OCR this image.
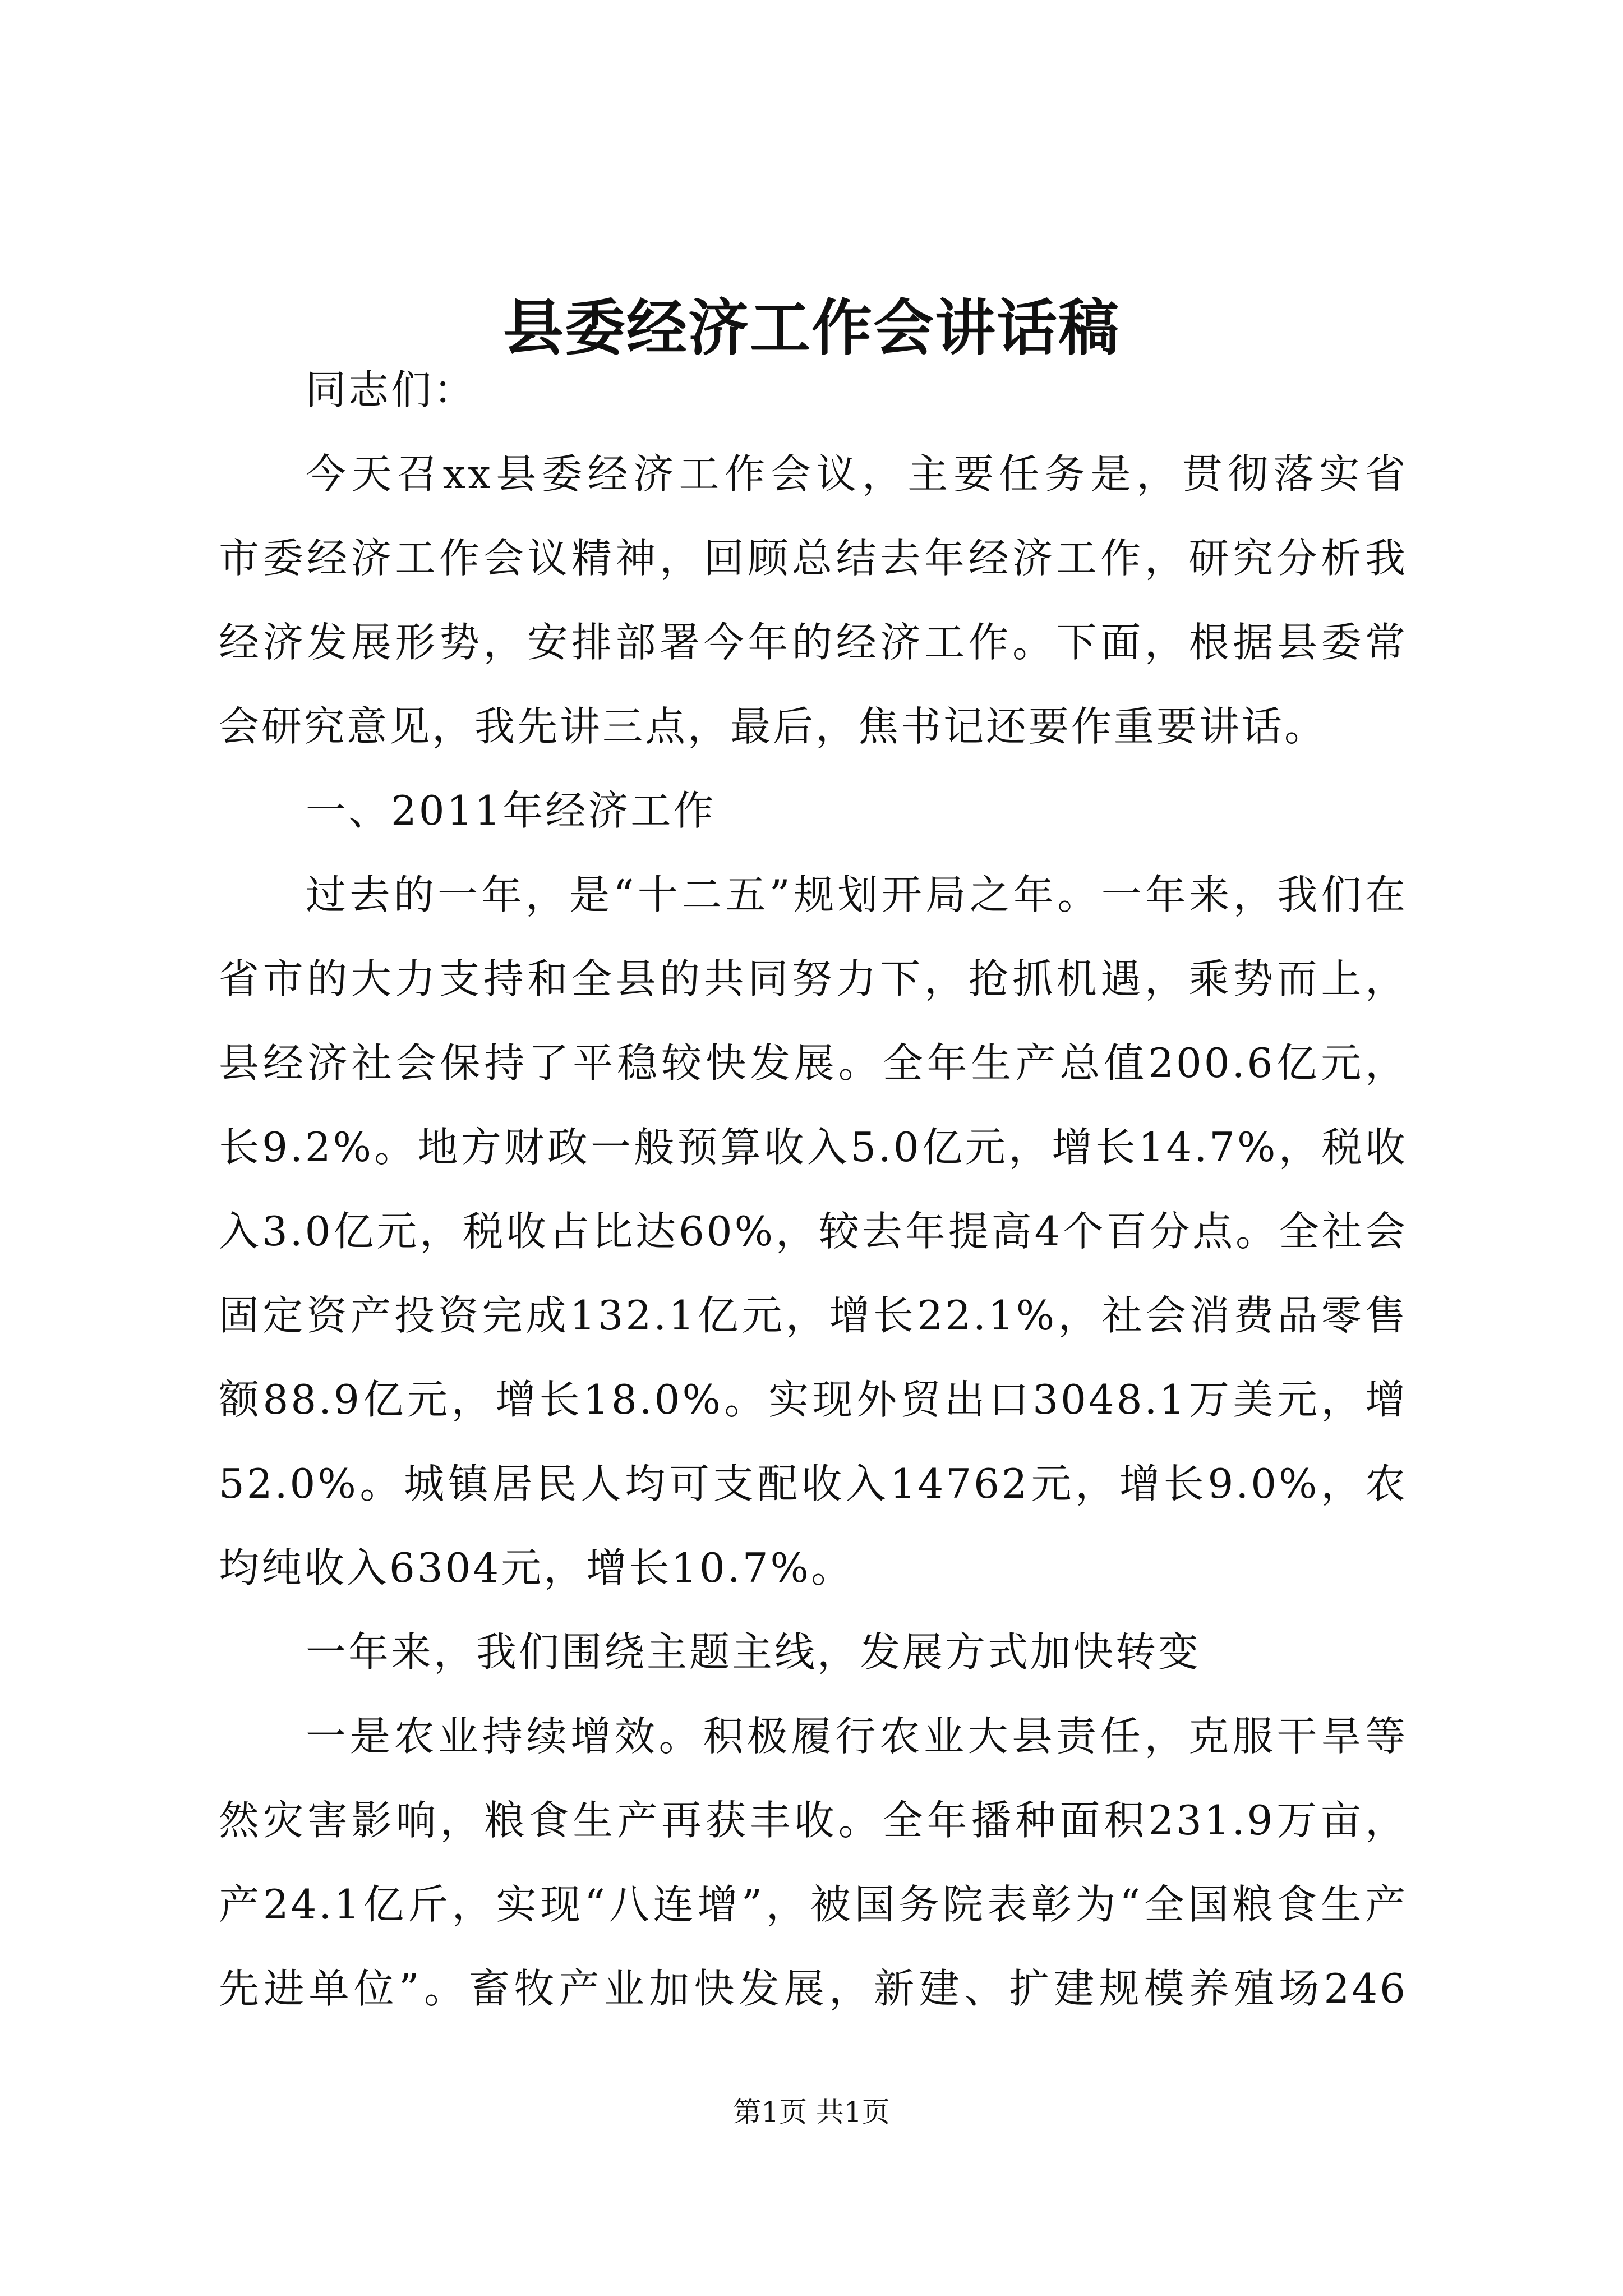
县委经济工作会讲话稿
同志们：
今天召xx县委经济工作会议，主要任务是，贯彻落实省
市委经济工作会议精神，回顾总结去年经济工作，研究分析我
经济发展形势，安排部署今年的经济工作。下面，根据县委常
会研究意见，我先讲三点，最后，焦书记还要作重要讲话。
一、2011年经济工作
过去的一年，是“十二五”规划开局之年。一年来，我们在
省市的大力支持和全县的共同努力下，抢抓机遇，乘势而上，
县经济社会保持了平稳较快发展。全年生产总值200.6亿元，
长9.2%。地方财政一般预算收入5.0亿元，增长14.7%，税收
入3.0亿元，税收占比达60%，较去年提高4个百分点。全社会
固定资产投资完成132.1亿元，增长22.1%，社会消费品零售
额88.9亿元，增长18.0%。实现外贸出口3048.1万美元，增
52.0%。城镇居民人均可支配收入14762元，增长9.0%，农
均纯收入6304元，增长10.7%。
一年来，我们围绕主题主线，发展方式加快转变
一是农业持续增效。积极履行农业大县责任，克服干旱等
然灾害影响，粮食生产再获丰收。全年播种面积231.9万亩，
产24.1亿斤，实现“八连增”，被国务院表彰为“全国粮食生产
先进单位”。畜牧产业加快发展，新建、扩建规模养殖场246
第1页 共1页
